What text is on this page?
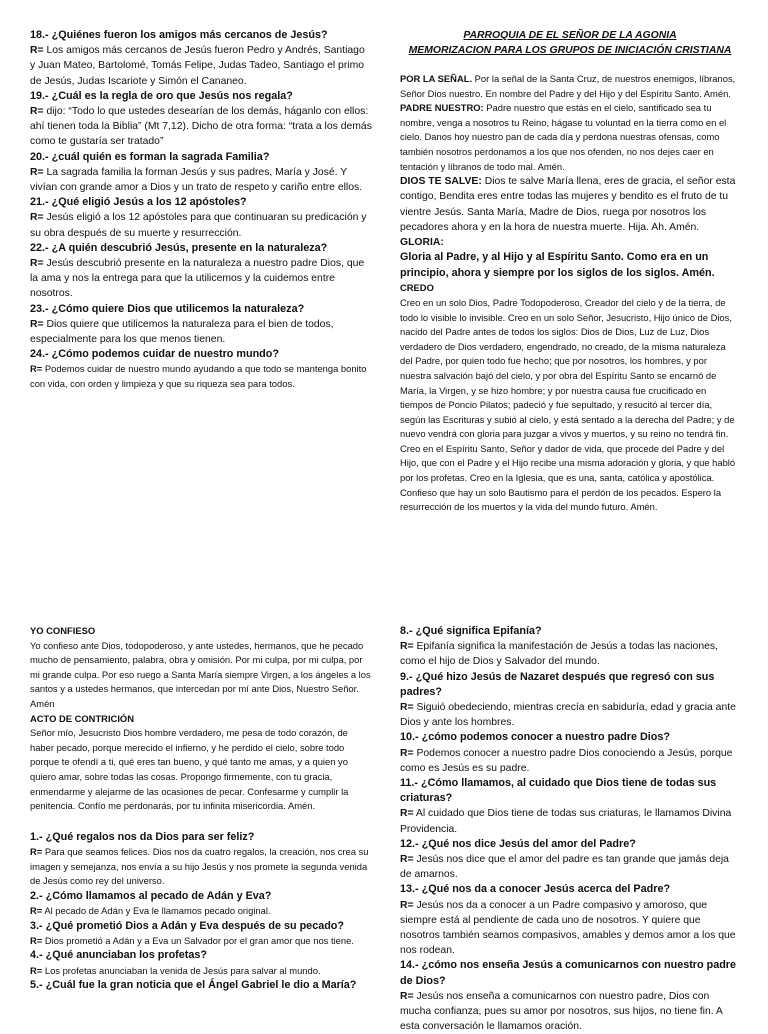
18.- ¿Quiénes fueron los amigos más cercanos de Jesús?

R= Los amigos más cercanos de Jesús fueron Pedro y Andrés, Santiago y Juan Mateo, Bartolomé, Tomás Felipe, Judas Tadeo, Santiago el primo de Jesús, Judas Iscariote y Simón el Cananeo.

19.- ¿Cuál es la regla de oro que Jesús nos regala?

R= dijo: “Todo lo que ustedes desearían de los demás, háganlo con ellos: ahí tienen toda la Biblia” (Mt 7,12). Dicho de otra forma: “trata a los demás como te gustaría ser tratado”

20.- ¿cuál quién es forman la sagrada Familia?

R= La sagrada familia la forman Jesús y sus padres, María y José. Y vivían con grande amor a Dios y un trato de respeto y cariño entre ellos.

21.- ¿Qué eligió Jesús a los 12 apóstoles?

R= Jesús eligió a los 12 apóstoles para que continuaran su predicación y su obra después de su muerte y resurrección.

22.- ¿A quién descubrió Jesús, presente en la naturaleza?

R= Jesús descubrió presente en la naturaleza a nuestro padre Dios, que la ama y nos la entrega para que la utilicemos y la cuidemos entre nosotros.

23.- ¿Cómo quiere Dios que utilicemos la naturaleza?

R= Dios quiere que utilicemos la naturaleza para el bien de todos, especialmente para los que menos tienen.

24.- ¿Cómo podemos cuidar de nuestro mundo?

R= Podemos cuidar de nuestro mundo ayudando a que todo se mantenga bonito con vida, con orden y limpieza y que su riqueza sea para todos.

PARROQUIA DE EL SEÑOR DE LA AGONIA

MEMORIZACION PARA LOS GRUPOS DE INICIACIÓN CRISTIANA

POR LA SEÑAL. Por la señal de la Santa Cruz, de nuestros enemigos, líbranos, Señor Dios nuestro. En nombre del Padre y del Hijo y del Espíritu Santo. Amén.

PADRE NUESTRO: Padre nuestro que estás en el cielo, santificado sea tu nombre, venga a nosotros tu Reino, hágase tu voluntad en la tierra como en el cielo. Danos hoy nuestro pan de cada día y perdona nuestras ofensas, como también nosotros perdonamos a los que nos ofenden, no nos dejes caer en tentación y líbranos de todo mal. Amén.

DIOS TE SALVE: Dios te salve María llena, eres de gracia, el señor esta contigo, Bendita eres entre todas las mujeres y bendito es el fruto de tu vientre Jesús. Santa María, Madre de Dios, ruega por nosotros los pecadores ahora y en la hora de nuestra muerte. Hija. Ah. Amén.

GLORIA:

Gloria al Padre, y al Hijo y al Espíritu Santo. Como era en un principio, ahora y siempre por los siglos de los siglos. Amén.

CREDO

Creo en un solo Dios, Padre Todopoderoso, Creador del cielo y de la tierra, de todo lo visible lo invisible. Creo en un solo Señor, Jesucristo, Hijo único de Dios, nacido del Padre antes de todos los siglos: Dios de Dios, Luz de Luz, Dios verdadero de Dios verdadero, engendrado, no creado, de la misma naturaleza del Padre, por quien todo fue hecho; que por nosotros, los hombres, y por nuestra salvación bajó del cielo, y por obra del Espíritu Santo se encarnó de María, la Virgen, y se hizo hombre; y por nuestra causa fue crucificado en tiempos de Poncio Pilatos; padeció y fue sepultado, y resucitó al tercer día, según las Escrituras y subió al cielo, y está sentado a la derecha del Padre; y de nuevo vendrá con gloria para juzgar a vivos y muertos, y su reino no tendrá fin. Creo en el Espíritu Santo, Señor y dador de vida, que procede del Padre y del Hijo, que con el Padre y el Hijo recibe una misma adoración y gloria, y que habló por los profetas. Creo en la Iglesia, que es una, santa, católica y apostólica. Confieso que hay un solo Bautismo para el perdón de los pecados. Espero la resurrección de los muertos y la vida del mundo futuro. Amén.

YO CONFIESO

Yo confieso ante Dios, todopoderoso, y ante ustedes, hermanos, que he pecado mucho de pensamiento, palabra, obra y omisión. Por mi culpa, por mi culpa, por mi grande culpa. Por eso ruego a Santa María siempre Virgen, a los ángeles a los santos y a ustedes hermanos, que intercedan por mí ante Dios, Nuestro Señor. Amén

ACTO DE CONTRICIÓN

Señor mío, Jesucristo Dios hombre verdadero, me pesa de todo corazón, de haber pecado, porque merecido el infierno, y he perdido el cielo, sobre todo porque te ofendí a ti, qué eres tan bueno, y qué tanto me amas, y a quien yo quiero amar, sobre todas las cosas. Propongo firmemente, con tu gracia, enmendarme y alejarme de las ocasiones de pecar. Confesarme y cumplir la penitencia. Confío me perdonarás, por tu infinita misericordia. Amén.

1.- ¿Qué regalos nos da Dios para ser feliz?

R= Para que seamos felices. Dios nos da cuatro regalos, la creación, nos crea su imagen y semejanza, nos envía a su hijo Jesús y nos promete la segunda venida de Jesús como rey del universo.

2.- ¿Cómo llamamos al pecado de Adán y Eva?

R= Al pecado de Adán y Eva le llamamos pecado original.

3.- ¿Qué prometió Dios a Adán y Eva después de su pecado?

R= Dios prometió a Adán y a Eva un Salvador por el gran amor que nos tiene.

4.- ¿Qué anunciaban los profetas?

R= Los profetas anunciaban la venida de Jesús para salvar al mundo.

5.- ¿Cuál fue la gran noticia que el Ángel Gabriel le dio a María?

8.- ¿Qué significa Epifanía?

R= Epifanía significa la manifestación de Jesús a todas las naciones, como el hijo de Dios y Salvador del mundo.

9.- ¿Qué hizo Jesús de Nazaret después que regresó con sus padres?

R= Siguió obedeciendo, mientras crecía en sabiduría, edad y gracia ante Dios y ante los hombres.

10.- ¿cómo podemos conocer a nuestro padre Dios?

R= Podemos conocer a nuestro padre Dios conociendo a Jesús, porque como es Jesús es su padre.

11.- ¿Cómo llamamos, al cuidado que Dios tiene de todas sus criaturas?

R= Al cuidado que Dios tiene de todas sus criaturas, le llamamos Divina Providencia.

12.- ¿Qué nos dice Jesús del amor del Padre?

R= Jesús nos dice que el amor del padre es tan grande que jamás deja de amarnos.

13.- ¿Qué nos da a conocer Jesús acerca del Padre?

R= Jesús nos da a conocer a un Padre compasivo y amoroso, que siempre está al pendiente de cada uno de nosotros. Y quiere que nosotros también seamos compasivos, amables y demos amor a los que nos rodean.

14.- ¿cómo nos enseña Jesús a comunicarnos con nuestro padre de Dios?

R= Jesús nos enseña a comunicarnos con nuestro padre, Dios con mucha confianza, pues su amor por nosotros, sus hijos, no tiene fin. A esta conversación le llamamos oración.
